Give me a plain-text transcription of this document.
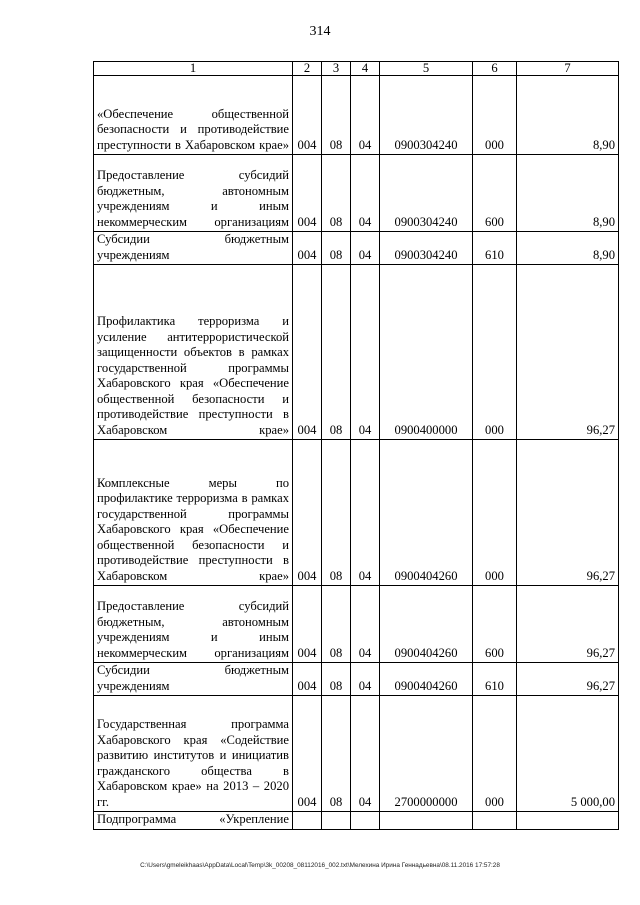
314
1	2	3	4	5	6	7
«Обеспечение общественной безопасности и противодействие преступности в Хабаровском крае»	004	08	04	0900304240	000	8,90
Предоставление субсидий бюджетным, автономным учреждениям и иным некоммерческим организациям	004	08	04	0900304240	600	8,90
Субсидии бюджетным учреждениям	004	08	04	0900304240	610	8,90
Профилактика терроризма и усиление антитеррористической защищенности объектов в рамках государственной программы Хабаровского края «Обеспечение общественной безопасности и противодействие преступности в Хабаровском крае»	004	08	04	0900400000	000	96,27
Комплексные меры по профилактике терроризма в рамках государственной программы Хабаровского края «Обеспечение общественной безопасности и противодействие преступности в Хабаровском крае»	004	08	04	0900404260	000	96,27
Предоставление субсидий бюджетным, автономным учреждениям и иным некоммерческим организациям	004	08	04	0900404260	600	96,27
Субсидии бюджетным учреждениям	004	08	04	0900404260	610	96,27
Государственная программа Хабаровского края «Содействие развитию институтов и инициатив гражданского общества в Хабаровском крае» на 2013 – 2020 гг.	004	08	04	2700000000	000	5 000,00
Подпрограмма «Укрепление						
C:\Users\gmeleikhaas\AppData\Local\Temp\3k_00208_08112016_002.txt\Мелехина Ирина Геннадьевна\08.11.2016 17:57:28
